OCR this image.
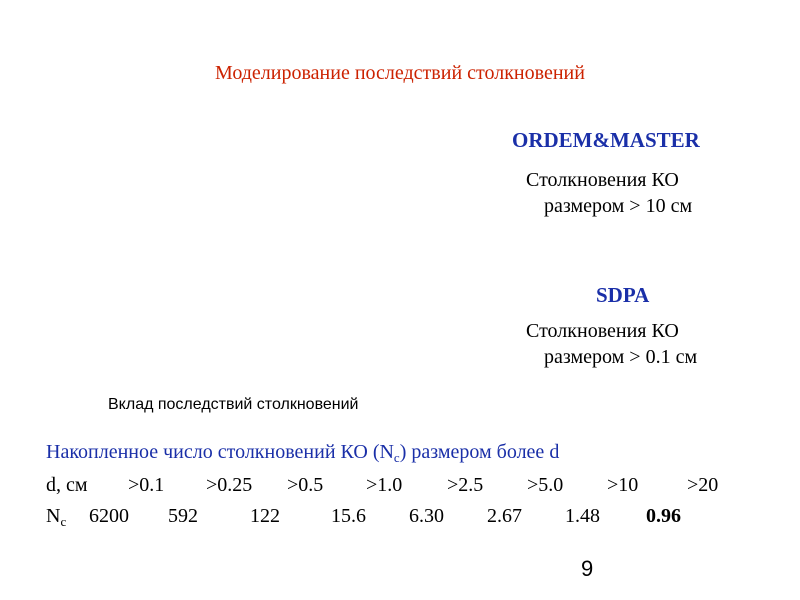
Моделирование последствий столкновений
ORDEM&MASTER
Столкновения КО
размером > 10 см
SDPA
Столкновения КО
размером > 0.1 см
Вклад последствий столкновений
Накопленное число столкновений КО $(N_c)$ размером более d
d, см >0.1 >0.25 >0.5 >1.0 >2.5 >5.0 >10 >20
$N_c$ 6200 592	122	15.6 6.30 2.67 1.48 0.96
9
